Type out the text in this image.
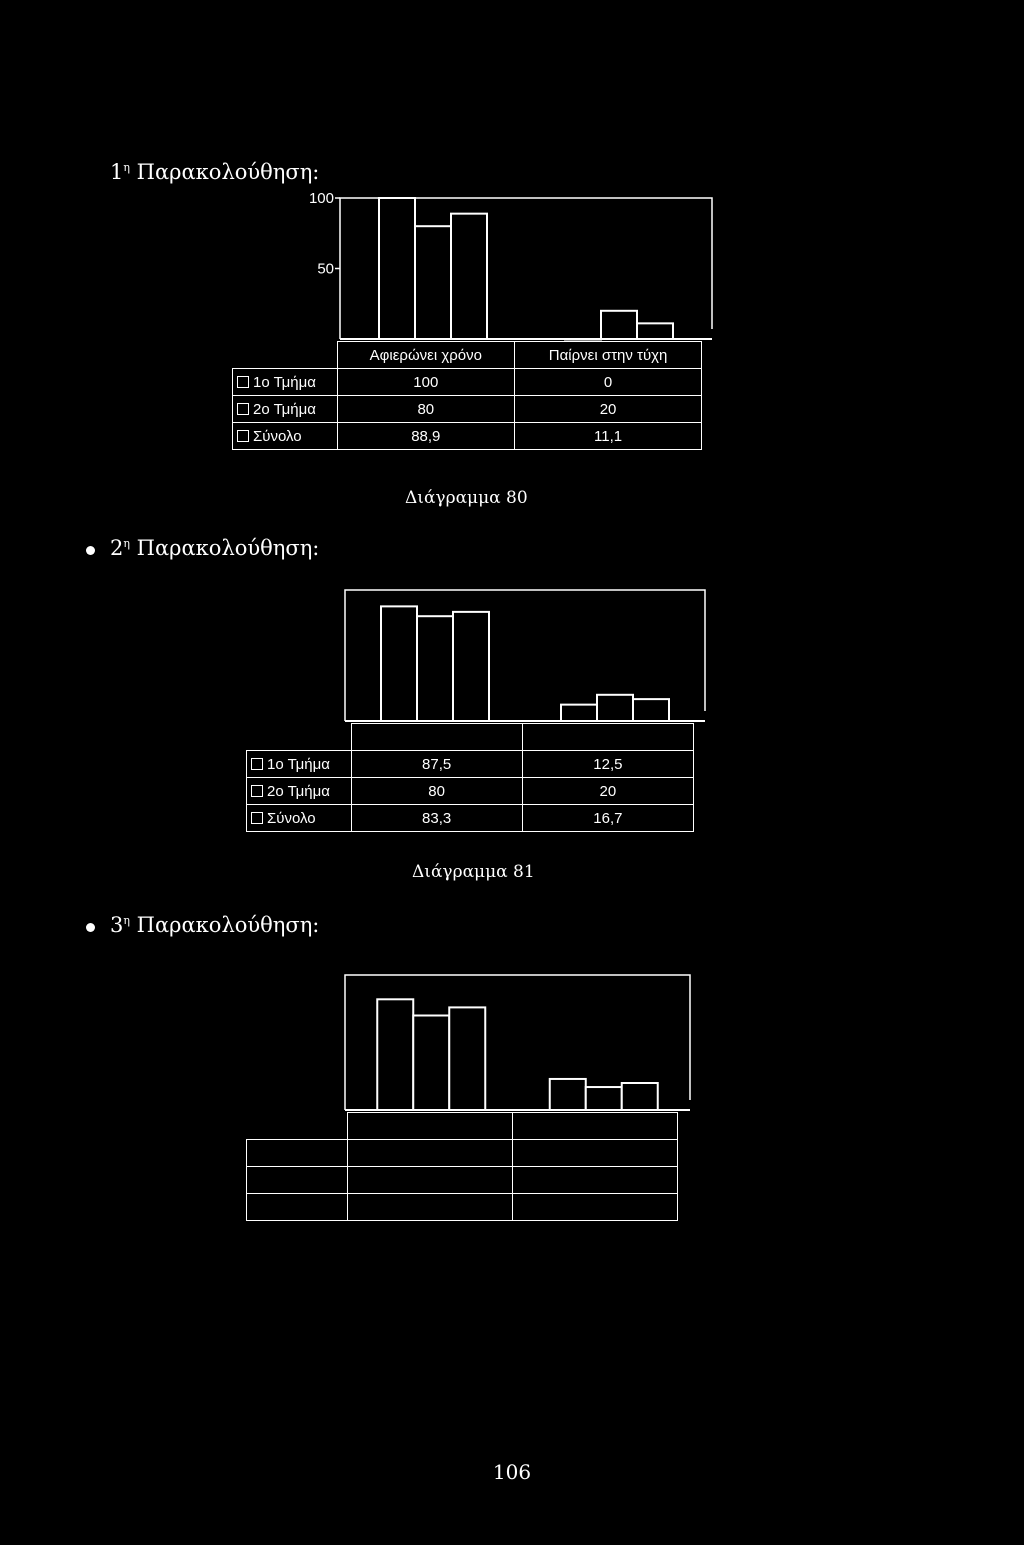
$1^\eta$ Παρακολούθηση:
$2^\eta$ Παρακολούθηση:
$3^\eta$ Παρακολούθηση:
100
50
	Αφιερώνει χρόνο	Παίρνει στην τύχη
1ο Τμήμα	100	0
2ο Τμήμα	80	20
Σύνολο	88,9	11,1
Διάγραμμα 80

1ο Τμήμα	87,5	12,5
2ο Τμήμα	80	20
Σύνολο	83,3	16,7
Διάγραμμα 81

106
